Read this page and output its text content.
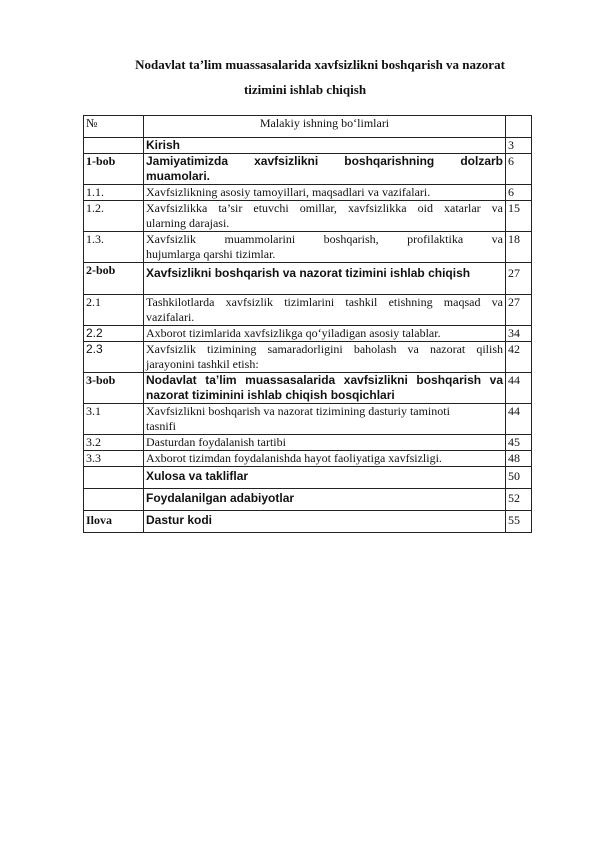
Nodavlat ta’lim muassasalarida xavfsizlikni boshqarish va nazorat
tizimini ishlab chiqish
№	Malakiy ishning bo‘limlari	
	Kirish	3
1-bob	Jamiyatimizda xavfsizlikni boshqarishning dolzarb
muamolari.	6
1.1.	Xavfsizlikning asosiy tamoyillari, maqsadlari va vazifalari.	6
1.2.	Xavfsizlikka ta’sir etuvchi omillar, xavfsizlikka oid xatarlar va
ularning darajasi.	15
1.3.	Xavfsizlik muammolarini boshqarish, profilaktika va
hujumlarga qarshi tizimlar.	18
2-bob	Xavfsizlikni boshqarish va nazorat tizimini ishlab chiqish	27
2.1	Tashkilotlarda xavfsizlik tizimlarini tashkil etishning maqsad va
vazifalari.	27
2.2	Axborot tizimlarida xavfsizlikga qo‘yiladigan asosiy talablar.	34
2.3	Xavfsizlik tizimining samaradorligini baholash va nazorat qilish
jarayonini tashkil etish:	42
3-bob	Nodavlat ta’lim muassasalarida xavfsizlikni boshqarish va
nazorat tiziminini ishlab chiqish bosqichlari	44
3.1	Xavfsizlikni boshqarish va nazorat tizimining dasturiy taminoti
tasnifi	44
3.2	Dasturdan foydalanish tartibi	45
3.3	Axborot tizimdan foydalanishda hayot faoliyatiga xavfsizligi.	48
	Xulosa va takliflar	50
	Foydalanilgan adabiyotlar	52
Ilova	Dastur kodi	55
